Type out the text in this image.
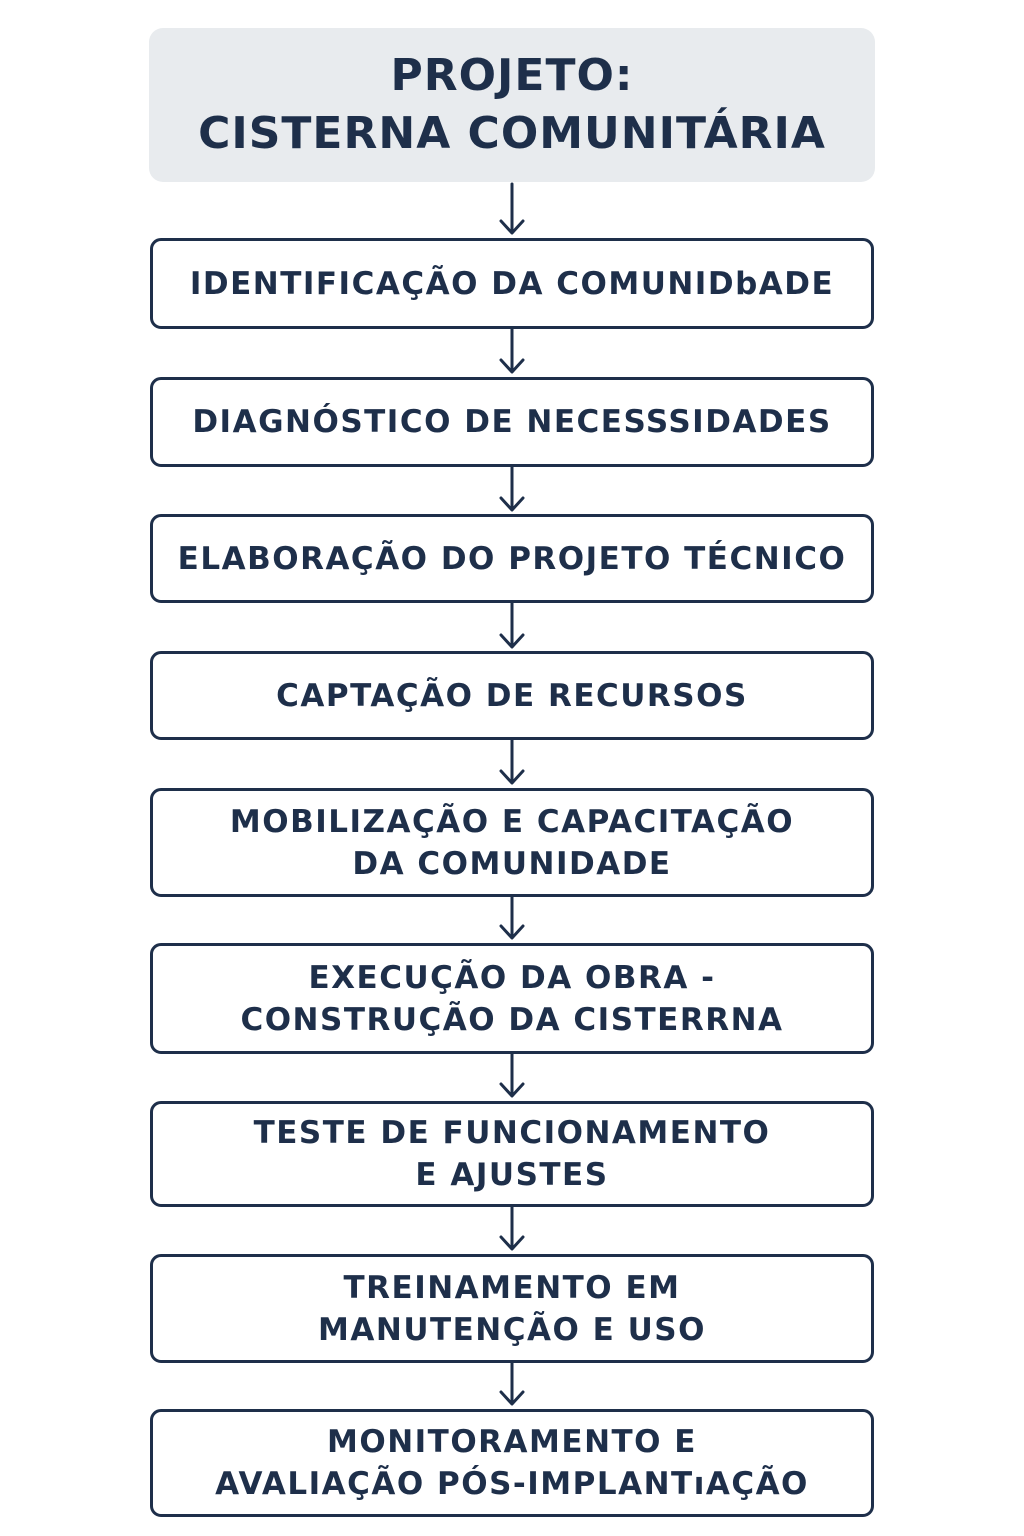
PROJETO:
CISTERNA COMUNITÁRIA
IDENTIFICAÇÃO DA COMUNIDbADE
DIAGNÓSTICO DE NECESSSIDADES
ELABORAÇÃO DO PROJETO TÉCNICO
CAPTAÇÃO DE RECURSOS
MOBILIZAÇÃO E CAPACITAÇÃO
DA COMUNIDADE
EXECUÇÃO DA OBRA -
CONSTRUÇÃO DA CISTERRNA
TESTE DE FUNCIONAMENTO
E AJUSTES
TREINAMENTO EM
MANUTENÇÃO E USO
MONITORAMENTO E
AVALIAÇÃO PÓS-IMPLANTıAÇÃO
